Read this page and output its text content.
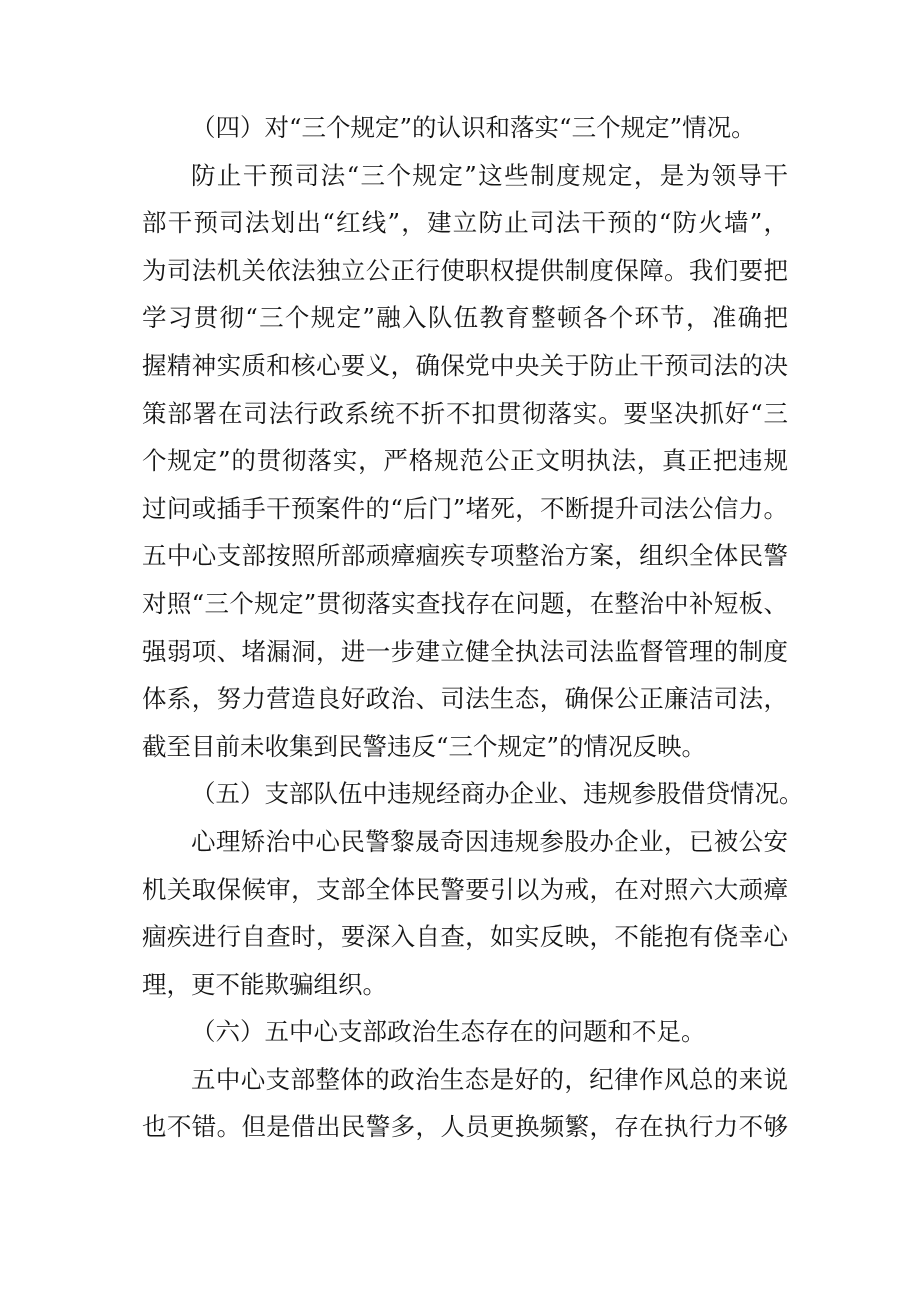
（四）对“三个规定”的认识和落实“三个规定”情况。

防止干预司法“三个规定”这些制度规定，是为领导干
部干预司法划出“红线”，建立防止司法干预的“防火墙”，
为司法机关依法独立公正行使职权提供制度保障。我们要把
学习贯彻“三个规定”融入队伍教育整顿各个环节，准确把
握精神实质和核心要义，确保党中央关于防止干预司法的决
策部署在司法行政系统不折不扣贯彻落实。要坚决抓好“三
个规定”的贯彻落实，严格规范公正文明执法，真正把违规
过问或插手干预案件的“后门”堵死，不断提升司法公信力。
五中心支部按照所部顽瘴痼疾专项整治方案，组织全体民警
对照“三个规定”贯彻落实查找存在问题，在整治中补短板、
强弱项、堵漏洞，进一步建立健全执法司法监督管理的制度
体系，努力营造良好政治、司法生态，确保公正廉洁司法，
截至目前未收集到民警违反“三个规定”的情况反映。

（五）支部队伍中违规经商办企业、违规参股借贷情况。

心理矫治中心民警黎晟奇因违规参股办企业，已被公安
机关取保候审，支部全体民警要引以为戒，在对照六大顽瘴
痼疾进行自查时，要深入自查，如实反映，不能抱有侥幸心
理，更不能欺骗组织。

（六）五中心支部政治生态存在的问题和不足。

五中心支部整体的政治生态是好的，纪律作风总的来说
也不错。但是借出民警多，人员更换频繁，存在执行力不够
